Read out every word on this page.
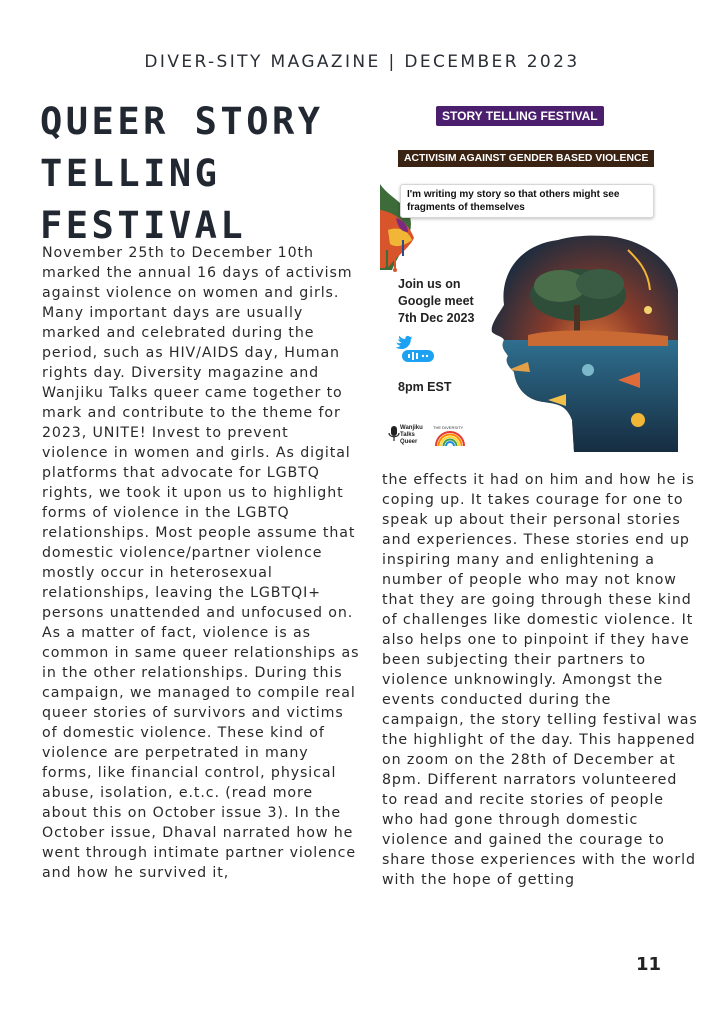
DIVER-SITY MAGAZINE | DECEMBER 2023
QUEER STORY TELLING FESTIVAL

November 25th to December 10th marked the annual 16 days of activism against violence on women and girls. Many important days are usually marked and celebrated during the period, such as HIV/AIDS day, Human rights day. Diversity magazine and Wanjiku Talks queer came together to mark and contribute to the theme for 2023, UNITE! Invest to prevent violence in women and girls. As digital platforms that advocate for LGBTQ rights, we took it upon us to highlight forms of violence in the LGBTQ relationships. Most people assume that domestic violence/partner violence mostly occur in heterosexual relationships, leaving the LGBTQI+ persons unattended and unfocused on. As a matter of fact, violence is as common in same queer relationships as in the other relationships. During this campaign, we managed to compile real queer stories of survivors and victims of domestic violence. These kind of violence are perpetrated in many forms, like financial control, physical abuse, isolation, e.t.c. (read more about this on October issue 3). In the October issue, Dhaval narrated how he went through intimate partner violence and how he survived it,

STORY TELLING FESTIVAL
ACTIVISIM AGAINST GENDER BASED VIOLENCE
I'm writing my story so that others might see fragments of themselves
Join us on
Google meet
7th Dec 2023
8pm EST
Wanjiku
Talks
Queer
THE DIVERSITY

the effects it had on him and how he is coping up. It takes courage for one to speak up about their personal stories and experiences. These stories end up inspiring many and enlightening a number of people who may not know that they are going through these kind of challenges like domestic violence. It also helps one to pinpoint if they have been subjecting their partners to violence unknowingly. Amongst the events conducted during the campaign, the story telling festival was the highlight of the day. This happened on zoom on the 28th of December at 8pm. Different narrators volunteered to read and recite stories of people who had gone through domestic violence and gained the courage to share those experiences with the world with the hope of getting

11
